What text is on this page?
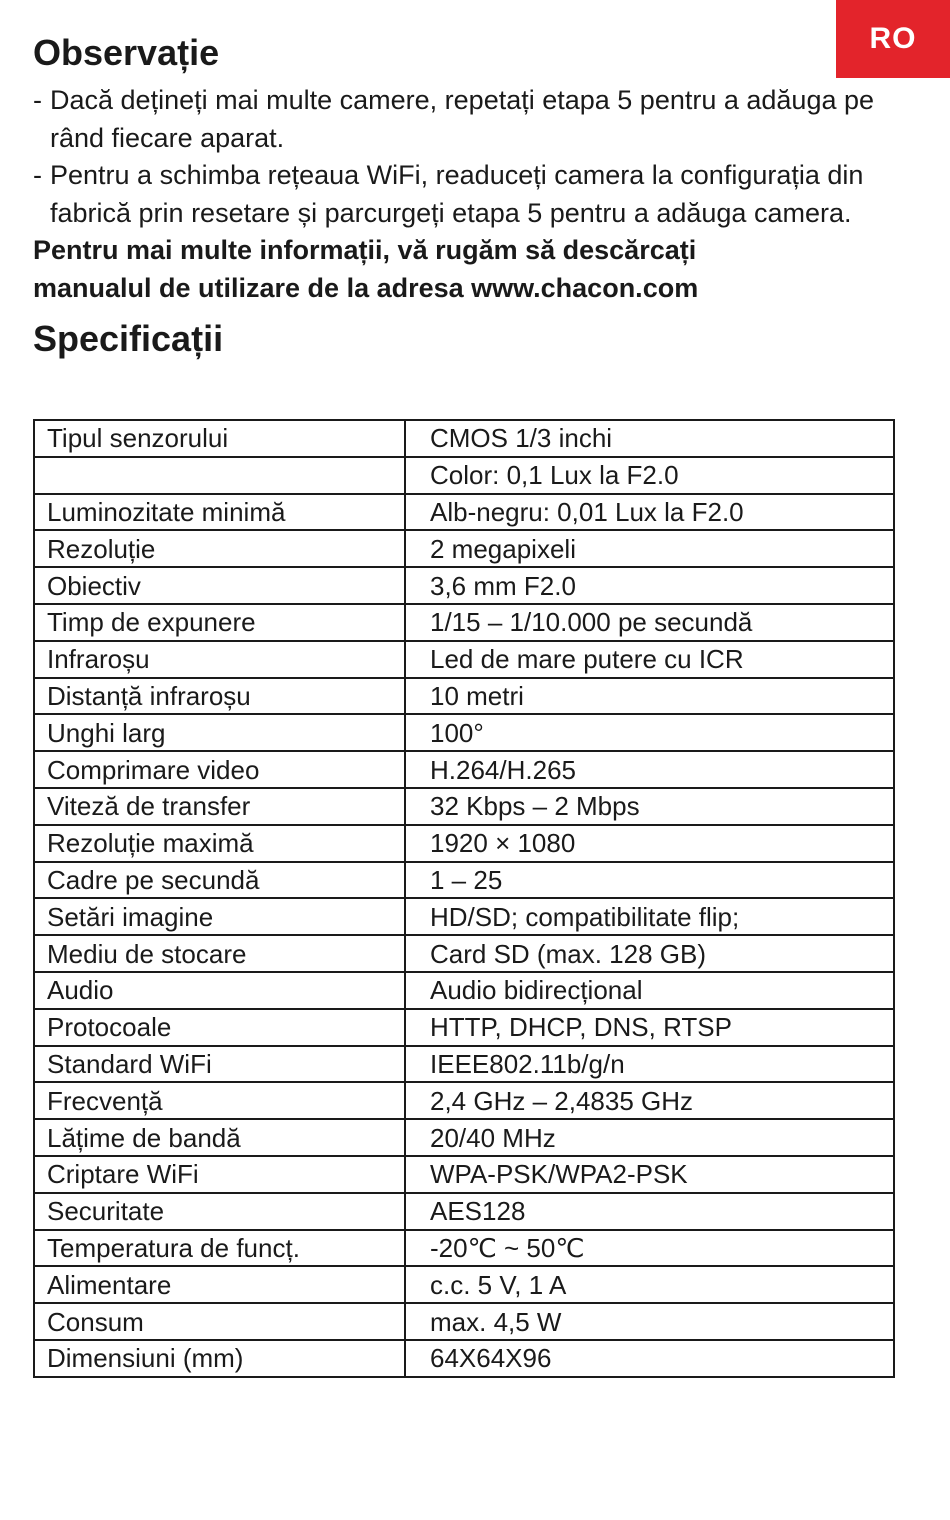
RO
Observație
- Dacă dețineți mai multe camere, repetați etapa 5 pentru a adăuga pe rând fiecare aparat.
- Pentru a schimba rețeaua WiFi, readuceți camera la configurația din fabrică prin resetare și parcurgeți etapa 5 pentru a adăuga camera.

Pentru mai multe informații, vă rugăm să descărcați
manualul de utilizare de la adresa www.chacon.com

Specificații
Tipul senzorului	CMOS 1/3 inchi
	Color: 0,1 Lux la F2.0
Luminozitate minimă	Alb-negru: 0,01 Lux la F2.0
Rezoluție	2 megapixeli
Obiectiv	3,6 mm F2.0
Timp de expunere	1/15 – 1/10.000 pe secundă
Infraroșu	Led de mare putere cu ICR
Distanță infraroșu	10 metri
Unghi larg	100°
Comprimare video	H.264/H.265
Viteză de transfer	32 Kbps – 2 Mbps
Rezoluție maximă	1920 × 1080
Cadre pe secundă	1 – 25
Setări imagine	HD/SD; compatibilitate flip;
Mediu de stocare	Card SD (max. 128 GB)
Audio	Audio bidirecțional
Protocoale	HTTP, DHCP, DNS, RTSP
Standard WiFi	IEEE802.11b/g/n
Frecvență	2,4 GHz – 2,4835 GHz
Lățime de bandă	20/40 MHz
Criptare WiFi	WPA-PSK/WPA2-PSK
Securitate	AES128
Temperatura de funcț.	-20℃ ~ 50℃
Alimentare	c.c. 5 V, 1 A
Consum	max. 4,5 W
Dimensiuni (mm)	64X64X96
